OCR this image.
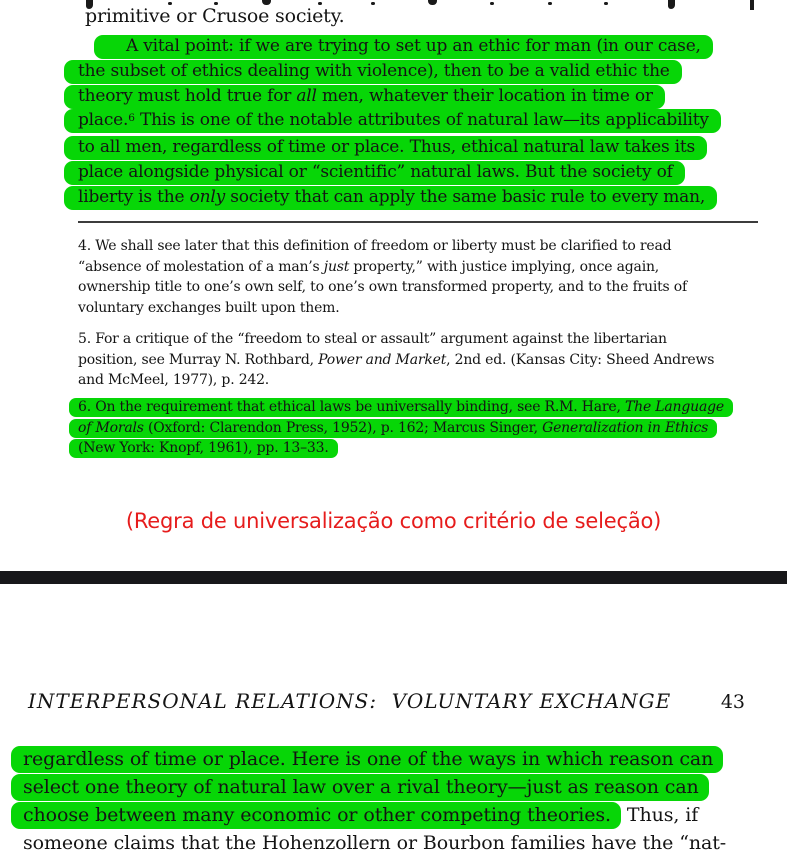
primitive or Crusoe society.
A vital point: if we are trying to set up an ethic for man (in our case,
the subset of ethics dealing with violence), then to be a valid ethic the
theory must hold true for all men, whatever their location in time or
place.$^6$ This is one of the notable attributes of natural law—its applicability
to all men, regardless of time or place. Thus, ethical natural law takes its
place alongside physical or “scientific” natural laws. But the society of
liberty is the only society that can apply the same basic rule to every man,
4. We shall see later that this definition of freedom or liberty must be clarified to read
“absence of molestation of a man’s just property,” with justice implying, once again,
ownership title to one’s own self, to one’s own transformed property, and to the fruits of
voluntary exchanges built upon them.
5. For a critique of the “freedom to steal or assault” argument against the libertarian
position, see Murray N. Rothbard, Power and Market, 2nd ed. (Kansas City: Sheed Andrews
and McMeel, 1977), p. 242.
6. On the requirement that ethical laws be universally binding, see R.M. Hare, The Language
of Morals (Oxford: Clarendon Press, 1952), p. 162; Marcus Singer, Generalization in Ethics
(New York: Knopf, 1961), pp. 13–33.
(Regra de universalização como critério de seleção)
INTERPERSONAL RELATIONS:  VOLUNTARY EXCHANGE	43
regardless of time or place. Here is one of the ways in which reason can
select one theory of natural law over a rival theory—just as reason can
choose between many economic or other competing theories. Thus, if
someone claims that the Hohenzollern or Bourbon families have the “nat-
